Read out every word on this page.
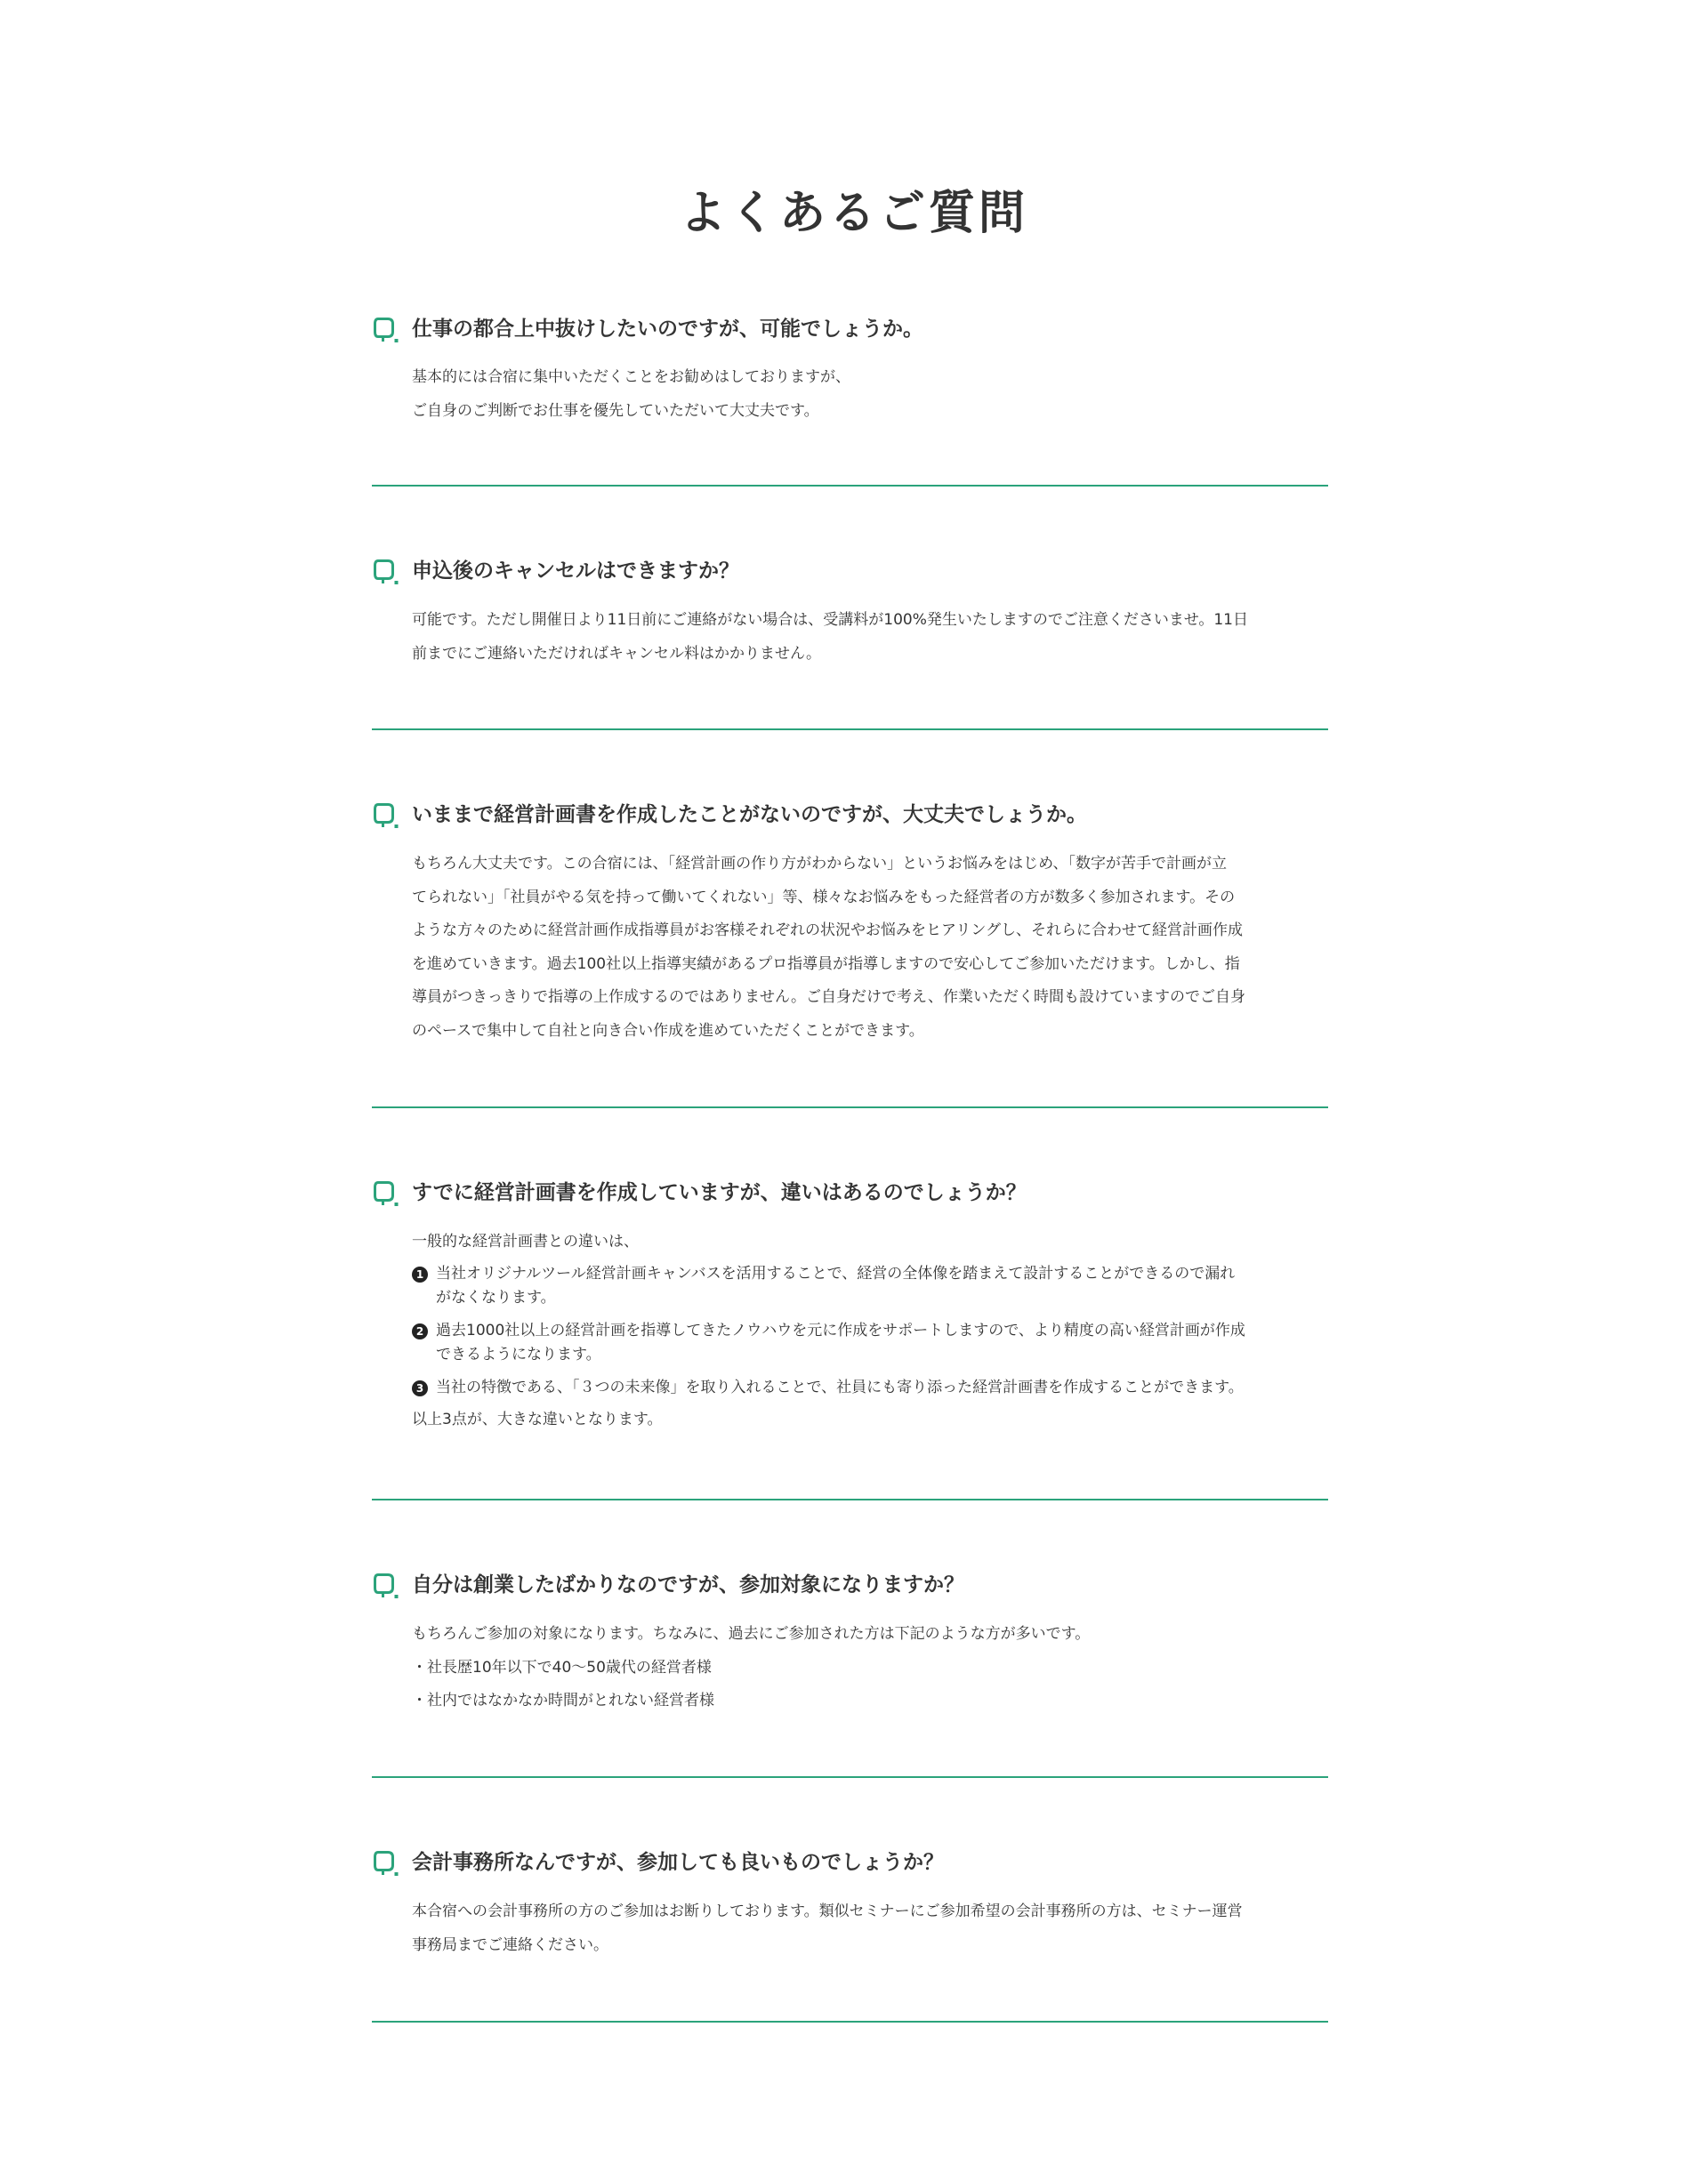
よくあるご質問
仕事の都合上中抜けしたいのですが、可能でしょうか。
基本的には合宿に集中いただくことをお勧めはしておりますが、
ご自身のご判断でお仕事を優先していただいて大丈夫です。
申込後のキャンセルはできますか？
可能です。ただし開催日より11日前にご連絡がない場合は、受講料が100%発生いたしますのでご注意くださいませ。11日
前までにご連絡いただければキャンセル料はかかりません。
いままで経営計画書を作成したことがないのですが、大丈夫でしょうか。
もちろん大丈夫です。この合宿には、「経営計画の作り方がわからない」というお悩みをはじめ、「数字が苦手で計画が立
てられない」「社員がやる気を持って働いてくれない」等、様々なお悩みをもった経営者の方が数多く参加されます。その
ような方々のために経営計画作成指導員がお客様それぞれの状況やお悩みをヒアリングし、それらに合わせて経営計画作成
を進めていきます。過去100社以上指導実績があるプロ指導員が指導しますので安心してご参加いただけます。しかし、指
導員がつきっきりで指導の上作成するのではありません。ご自身だけで考え、作業いただく時間も設けていますのでご自身
のペースで集中して自社と向き合い作成を進めていただくことができます。
すでに経営計画書を作成していますが、違いはあるのでしょうか？

一般的な経営計画書との違いは、

1 当社オリジナルツール経営計画キャンバスを活用することで、経営の全体像を踏まえて設計することができるので漏れ
がなくなります。
2 過去1000社以上の経営計画を指導してきたノウハウを元に作成をサポートしますので、より精度の高い経営計画が作成
できるようになります。
3 当社の特徴である、「３つの未来像」を取り入れることで、社員にも寄り添った経営計画書を作成することができます。

以上3点が、大きな違いとなります。

自分は創業したばかりなのですが、参加対象になりますか？
もちろんご参加の対象になります。ちなみに、過去にご参加された方は下記のような方が多いです。
・社長歴10年以下で40〜50歳代の経営者様
・社内ではなかなか時間がとれない経営者様
会計事務所なんですが、参加しても良いものでしょうか？
本合宿への会計事務所の方のご参加はお断りしております。類似セミナーにご参加希望の会計事務所の方は、セミナー運営
事務局までご連絡ください。
